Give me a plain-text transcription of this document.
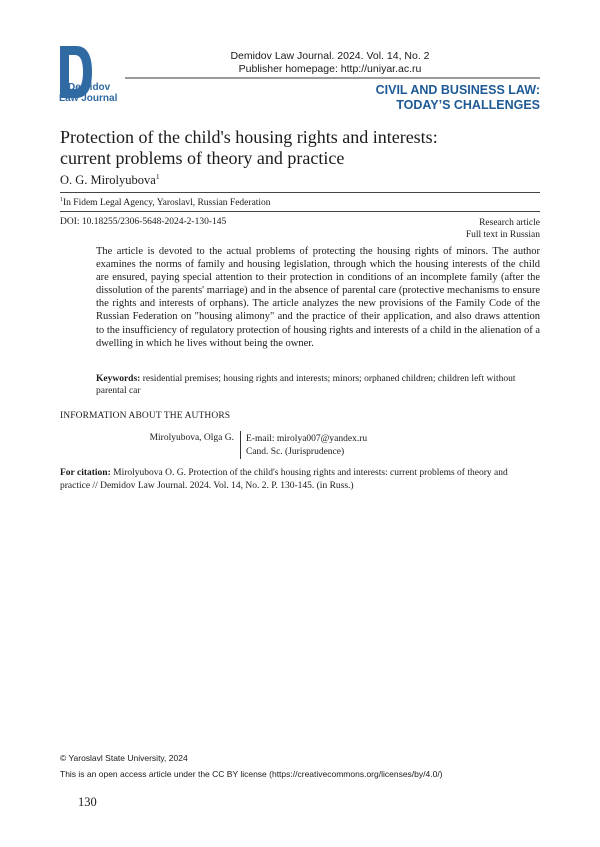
Demidov
Law Journal
Demidov Law Journal. 2024. Vol. 14, No. 2
Publisher homepage: http://uniyar.ac.ru
CIVIL AND BUSINESS LAW:
TODAY’S CHALLENGES
Protection of the child's housing rights and interests:
current problems of theory and practice
O. G. Mirolyubova$^1$
$^1$In Fidem Legal Agency, Yaroslavl, Russian Federation
DOI: 10.18255/2306-5648-2024-2-130-145	Research article
Full text in Russian

The article is devoted to the actual problems of protecting the housing rights of minors. The author examines the norms of family and housing legislation, through which the housing interests of the child are ensured, paying special attention to their protection in conditions of an incomplete family (after the dissolution of the parents' marriage) and in the absence of parental care (protective mechanisms to ensure the rights and interests of orphans). The article analyzes the new provisions of the Family Code of the Russian Federation on "housing alimony" and the practice of their application, and also draws attention to the insufficiency of regulatory protection of housing rights and interests of a child in the alienation of a dwelling in which he lives without being the owner.

Keywords: residential premises; housing rights and interests; minors; orphaned children; children left without parental car
INFORMATION ABOUT THE AUTHORS
Mirolyubova, Olga G. E-mail: mirolya007@yandex.ru
Cand. Sc. (Jurisprudence)
For citation: Mirolyubova O. G. Protection of the child's housing rights and interests: current problems of theory and practice // Demidov Law Journal. 2024. Vol. 14, No. 2. P. 130-145. (in Russ.)
© Yaroslavl State University, 2024
This is an open access article under the CC BY license (https://creativecommons.org/licenses/by/4.0/)
130
